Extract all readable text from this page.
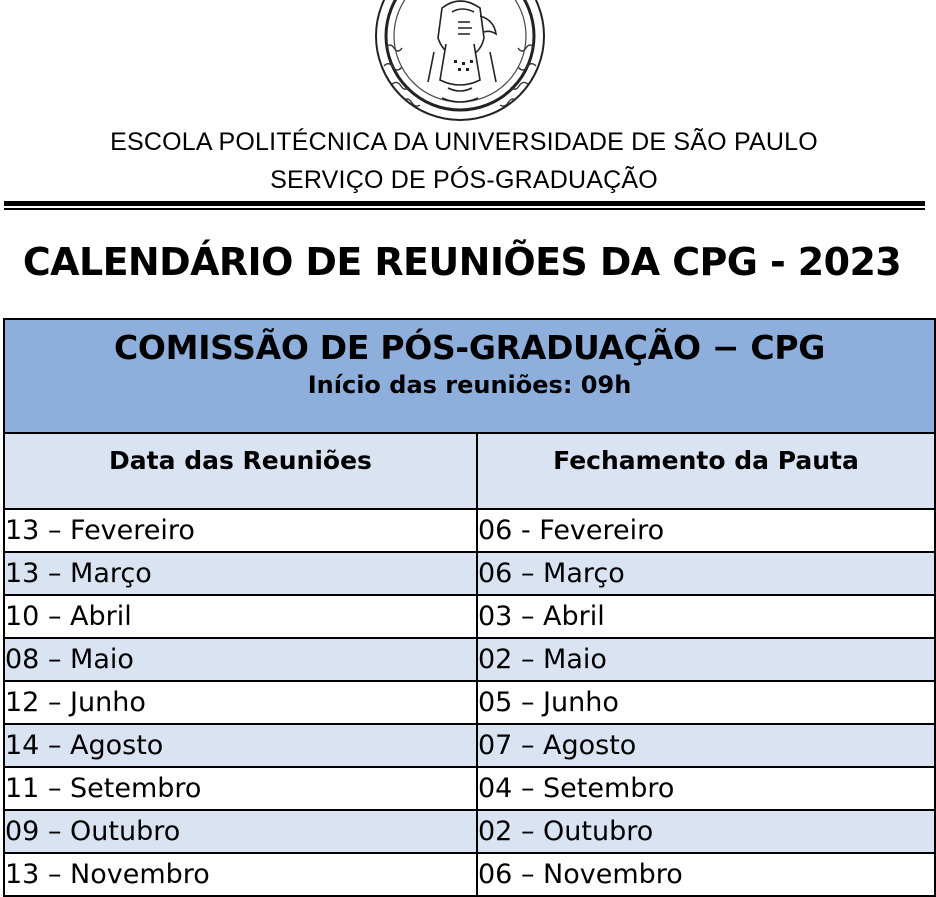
ESCOLA POLITÉCNICA DA UNIVERSIDADE DE SÃO PAULO
SERVIÇO DE PÓS-GRADUAÇÃO
CALENDÁRIO DE REUNIÕES DA CPG - 2023
COMISSÃO DE PÓS-GRADUAÇÃO − CPG
Início das reuniões: 09h	

Data das Reuniões	Fechamento da Pauta

13 – Fevereiro	06 - Fevereiro
13 – Março	06 – Março
10 – Abril	03 – Abril
08 – Maio	02 – Maio
12 – Junho	05 – Junho
14 – Agosto	07 – Agosto
11 – Setembro	04 – Setembro
09 – Outubro	02 – Outubro
13 – Novembro	06 – Novembro
